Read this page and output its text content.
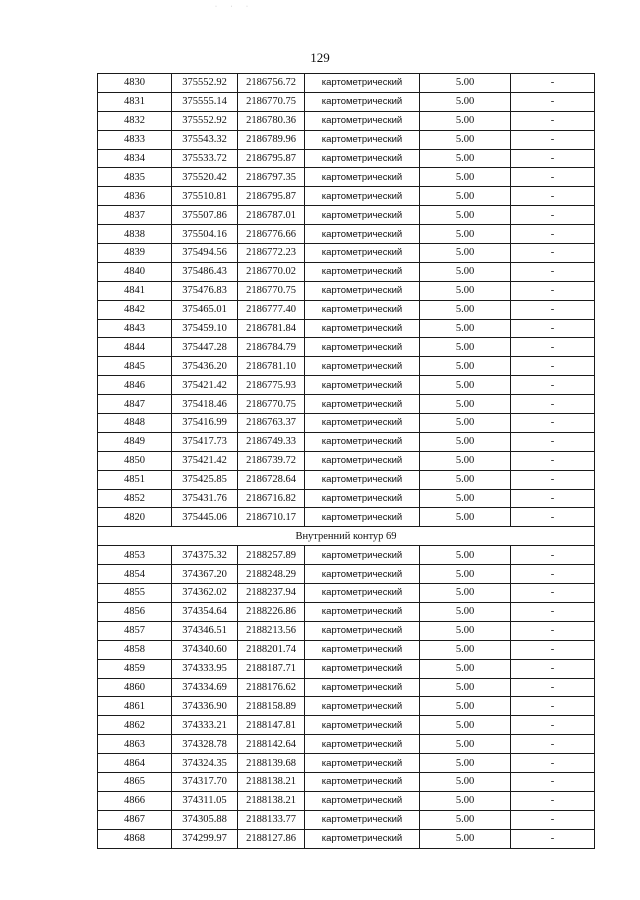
· · ·
129
4830	375552.92	2186756.72	картометрический	5.00	-
4831	375555.14	2186770.75	картометрический	5.00	-
4832	375552.92	2186780.36	картометрический	5.00	-
4833	375543.32	2186789.96	картометрический	5.00	-
4834	375533.72	2186795.87	картометрический	5.00	-
4835	375520.42	2186797.35	картометрический	5.00	-
4836	375510.81	2186795.87	картометрический	5.00	-
4837	375507.86	2186787.01	картометрический	5.00	-
4838	375504.16	2186776.66	картометрический	5.00	-
4839	375494.56	2186772.23	картометрический	5.00	-
4840	375486.43	2186770.02	картометрический	5.00	-
4841	375476.83	2186770.75	картометрический	5.00	-
4842	375465.01	2186777.40	картометрический	5.00	-
4843	375459.10	2186781.84	картометрический	5.00	-
4844	375447.28	2186784.79	картометрический	5.00	-
4845	375436.20	2186781.10	картометрический	5.00	-
4846	375421.42	2186775.93	картометрический	5.00	-
4847	375418.46	2186770.75	картометрический	5.00	-
4848	375416.99	2186763.37	картометрический	5.00	-
4849	375417.73	2186749.33	картометрический	5.00	-
4850	375421.42	2186739.72	картометрический	5.00	-
4851	375425.85	2186728.64	картометрический	5.00	-
4852	375431.76	2186716.82	картометрический	5.00	-
4820	375445.06	2186710.17	картометрический	5.00	-
Внутренний контур 69					
4853	374375.32	2188257.89	картометрический	5.00	-
4854	374367.20	2188248.29	картометрический	5.00	-
4855	374362.02	2188237.94	картометрический	5.00	-
4856	374354.64	2188226.86	картометрический	5.00	-
4857	374346.51	2188213.56	картометрический	5.00	-
4858	374340.60	2188201.74	картометрический	5.00	-
4859	374333.95	2188187.71	картометрический	5.00	-
4860	374334.69	2188176.62	картометрический	5.00	-
4861	374336.90	2188158.89	картометрический	5.00	-
4862	374333.21	2188147.81	картометрический	5.00	-
4863	374328.78	2188142.64	картометрический	5.00	-
4864	374324.35	2188139.68	картометрический	5.00	-
4865	374317.70	2188138.21	картометрический	5.00	-
4866	374311.05	2188138.21	картометрический	5.00	-
4867	374305.88	2188133.77	картометрический	5.00	-
4868	374299.97	2188127.86	картометрический	5.00	-
